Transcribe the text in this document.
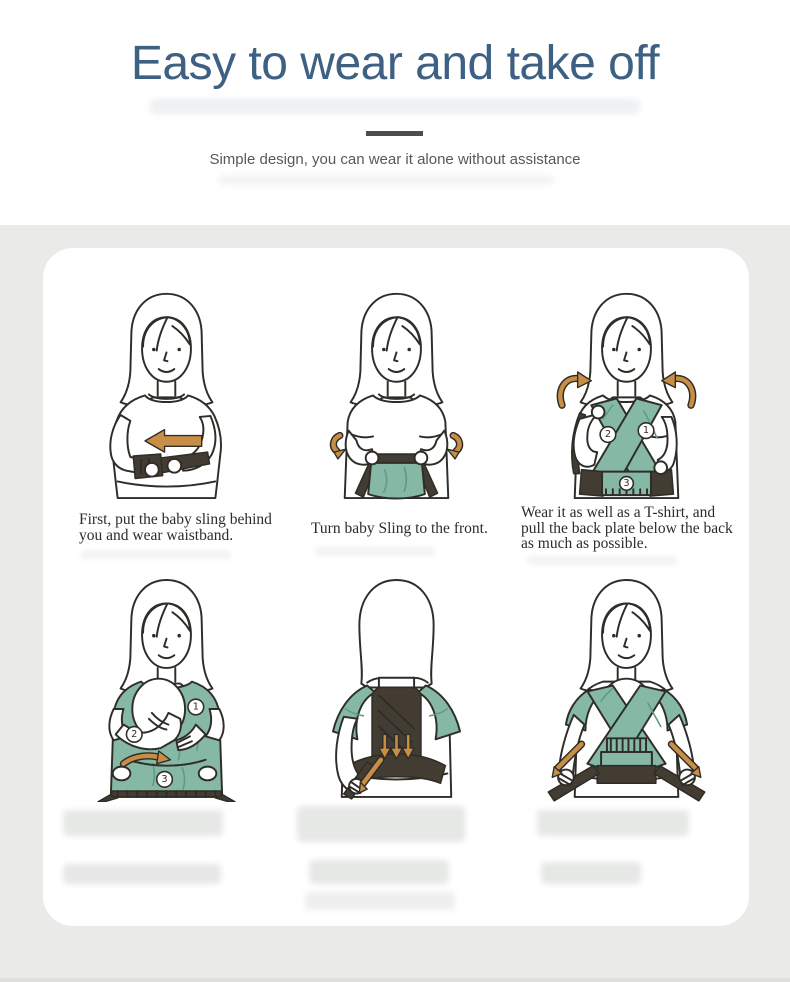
Easy to wear and take off

Simple design, you can wear it alone without assistance

2	1
3
First, put the baby sling behind you and wear waistband.	Turn baby Sling to the front.
Wear it as well as a T-shirt, and pull the back plate below the back as much as possible.
1
2
3
